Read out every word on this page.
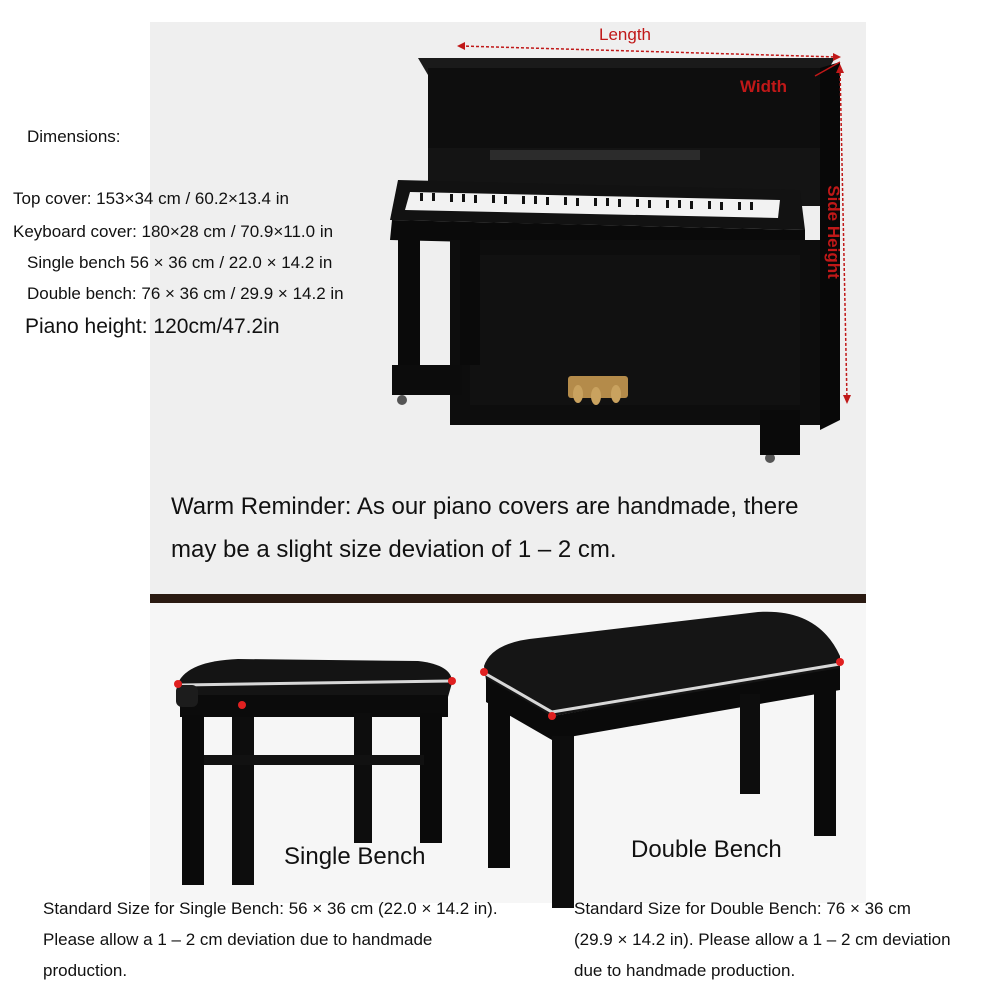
Length
Width
Side Height
Dimensions:
Top cover: 153×34 cm / 60.2×13.4 in
Keyboard cover: 180×28 cm / 70.9×11.0 in
Single bench 56 × 36 cm / 22.0 × 14.2 in
Double bench: 76 × 36 cm / 29.9 × 14.2 in
Piano height: 120cm/47.2in
Warm Reminder: As our piano covers are handmade, there
may be a slight size deviation of 1 – 2 cm.
Single Bench	Double Bench
Standard Size for Single Bench: 56 × 36 cm (22.0 × 14.2 in). Please allow a 1 – 2 cm deviation due to handmade production.
Standard Size for Double Bench: 76 × 36 cm (29.9 × 14.2 in). Please allow a 1 – 2 cm deviation due to handmade production.
